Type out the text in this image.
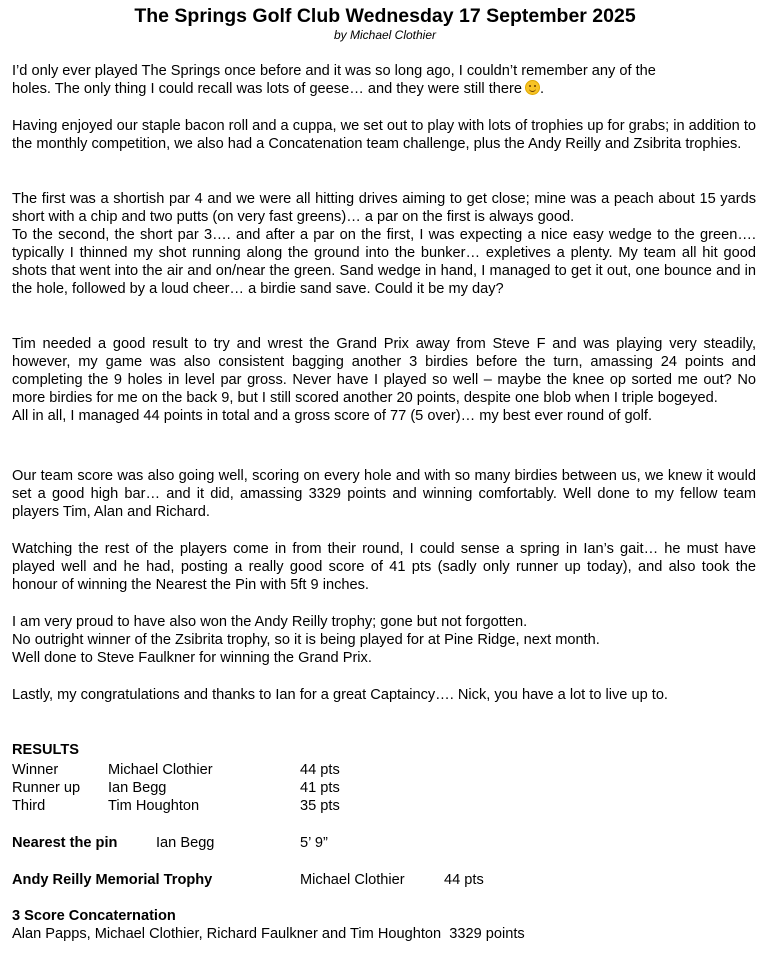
The Springs Golf Club Wednesday 17 September 2025
by Michael Clothier
I’d only ever played The Springs once before and it was so long ago, I couldn’t remember any of the
holes. The only thing I could recall was lots of geese… and they were still there .
Having enjoyed our staple bacon roll and a cuppa, we set out to play with lots of trophies up for grabs; in addition to the monthly competition, we also had a Concatenation team challenge, plus the Andy Reilly and Zsibrita trophies.
The first was a shortish par 4 and we were all hitting drives aiming to get close; mine was a peach about 15 yards short with a chip and two putts (on very fast greens)… a par on the first is always good.
To the second, the short par 3…. and after a par on the first, I was expecting a nice easy wedge to the green…. typically I thinned my shot running along the ground into the bunker… expletives a plenty. My team all hit good shots that went into the air and on/near the green. Sand wedge in hand, I managed to get it out, one bounce and in the hole, followed by a loud cheer… a birdie sand save. Could it be my day?
Tim needed a good result to try and wrest the Grand Prix away from Steve F and was playing very steadily, however, my game was also consistent bagging another 3 birdies before the turn, amassing 24 points and completing the 9 holes in level par gross. Never have I played so well – maybe the knee op sorted me out? No more birdies for me on the back 9, but I still scored another 20 points, despite one blob when I triple bogeyed.
All in all, I managed 44 points in total and a gross score of 77 (5 over)… my best ever round of golf.
Our team score was also going well, scoring on every hole and with so many birdies between us, we knew it would set a good high bar… and it did, amassing 3329 points and winning comfortably. Well done to my fellow team players Tim, Alan and Richard.
Watching the rest of the players come in from their round, I could sense a spring in Ian’s gait… he must have played well and he had, posting a really good score of 41 pts (sadly only runner up today), and also took the honour of winning the Nearest the Pin with 5ft 9 inches.
I am very proud to have also won the Andy Reilly trophy; gone but not forgotten.
No outright winner of the Zsibrita trophy, so it is being played for at Pine Ridge, next month.
Well done to Steve Faulkner for winning the Grand Prix.
Lastly, my congratulations and thanks to Ian for a great Captaincy…. Nick, you have a lot to live up to.
RESULTS
Winner	Michael Clothier	44 pts
Runner up Ian Begg	41 pts
Third	Tim Houghton	35 pts
Nearest the pin	Ian Begg	5’ 9”
Andy Reilly Memorial Trophy	Michael Clothier	44 pts
3 Score Concaternation
Alan Papps, Michael Clothier, Richard Faulkner and Tim Houghton 3329 points
